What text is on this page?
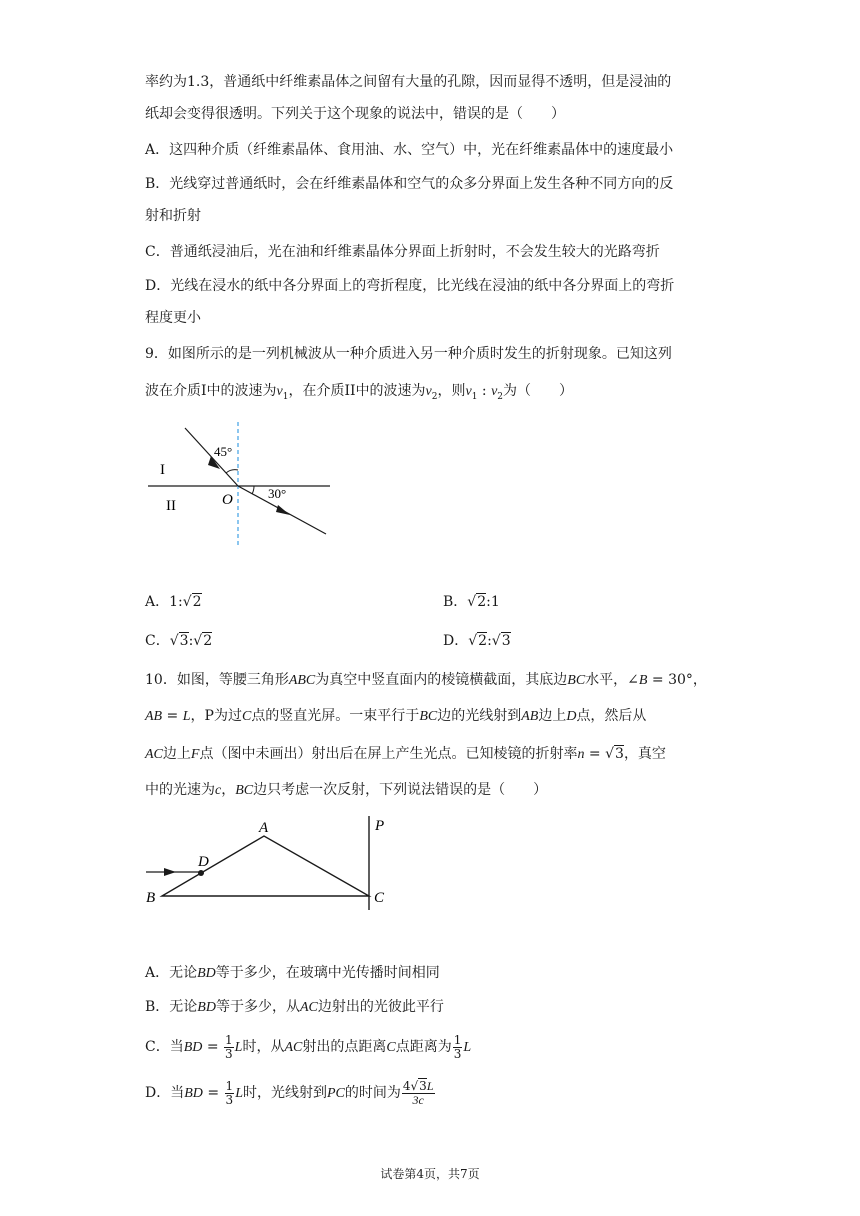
率约为1.3，普通纸中纤维素晶体之间留有大量的孔隙，因而显得不透明，但是浸油的
纸却会变得很透明。下列关于这个现象的说法中，错误的是（　　）
A．这四种介质（纤维素晶体、食用油、水、空气）中，光在纤维素晶体中的速度最小
B．光线穿过普通纸时，会在纤维素晶体和空气的众多分界面上发生各种不同方向的反
射和折射
C．普通纸浸油后，光在油和纤维素晶体分界面上折射时，不会发生较大的光路弯折
D．光线在浸水的纸中各分界面上的弯折程度，比光线在浸油的纸中各分界面上的弯折
程度更小
9．如图所示的是一列机械波从一种介质进入另一种介质时发生的折射现象。已知这列
波在介质I中的波速为$v_1$，在介质II中的波速为$v_2$，则$v_1$ : $v_2$为（　　）
45°
30°
I
II	O
A．1:√2	B．√2:1
C．√3:√2	D．√2:√3
10．如图，等腰三角形ABC为真空中竖直面内的棱镜横截面，其底边BC水平，∠B = 30°，
AB = L，P为过C点的竖直光屏。一束平行于BC边的光线射到AB边上D点，然后从
AC边上F点（图中未画出）射出后在屏上产生光点。已知棱镜的折射率n = √3，真空
中的光速为c，BC边只考虑一次反射，下列说法错误的是（　　）
A
B	C
D
P
A．无论BD等于多少，在玻璃中光传播时间相同
B．无论BD等于多少，从AC边射出的光彼此平行
C．当BD = $\frac{1}{3}$ L时，从AC射出的点距离C点距离为 $\frac{1}{3}$ L
D．当BD = $\frac{1}{3}$ L时，光线射到PC的时间为 $\frac{4√3L}{3c}$
试卷第4页，共7页
